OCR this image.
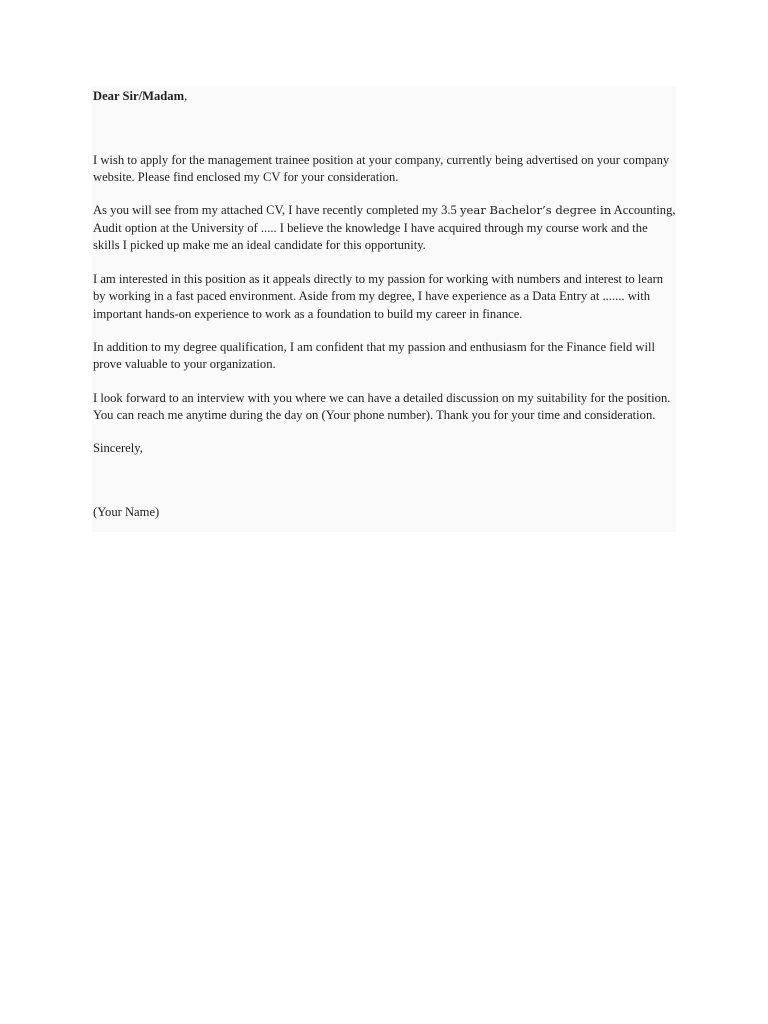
Dear Sir/Madam,

I wish to apply for the management trainee position at your company, currently being advertised on your company website. Please find enclosed my CV for your consideration.

As you will see from my attached CV, I have recently completed my 3.5 year Bachelor’s degree in Accounting, Audit option at the University of ..... I believe the knowledge I have acquired through my course work and the skills I picked up make me an ideal candidate for this opportunity.

I am interested in this position as it appeals directly to my passion for working with numbers and interest to learn by working in a fast paced environment. Aside from my degree, I have experience as a Data Entry at ....... with important hands-on experience to work as a foundation to build my career in finance.

In addition to my degree qualification, I am confident that my passion and enthusiasm for the Finance field will prove valuable to your organization.

I look forward to an interview with you where we can have a detailed discussion on my suitability for the position. You can reach me anytime during the day on (Your phone number). Thank you for your time and consideration.

Sincerely,

(Your Name)
